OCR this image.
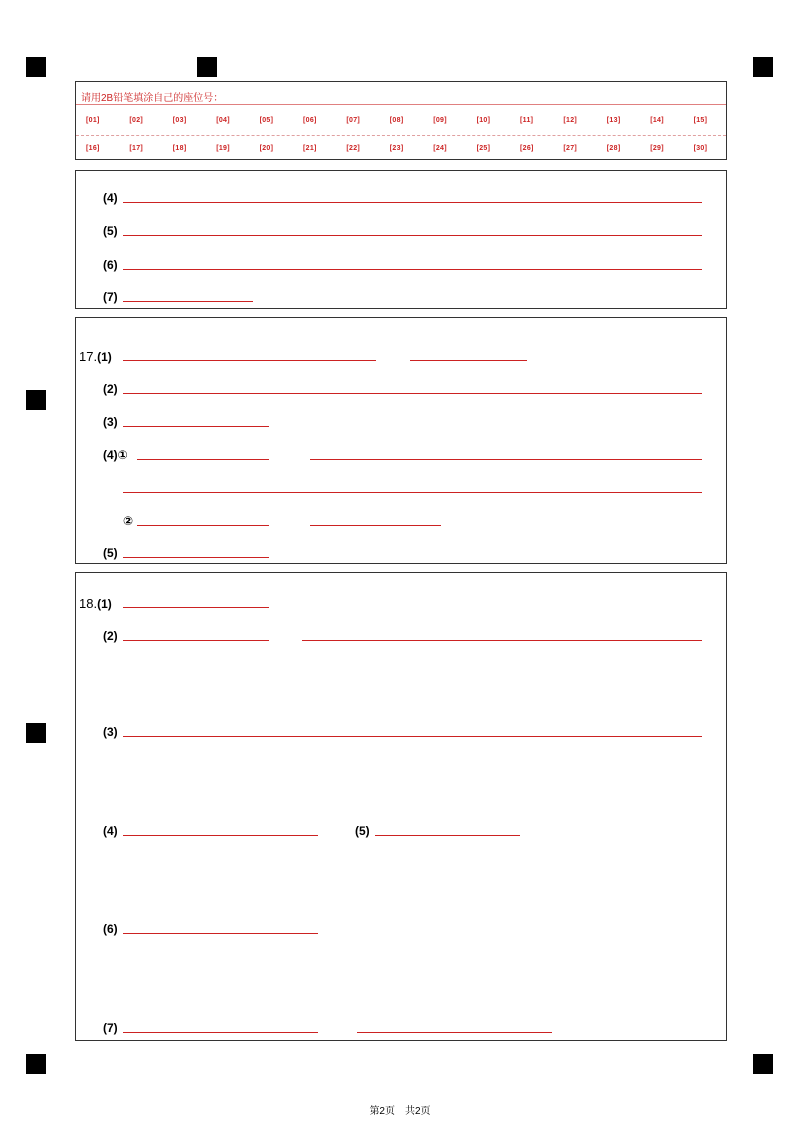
请用2B铅笔填涂自己的座位号：
[01]	[02]	[03]	[04]	[05]	[06]	[07]	[08]	[09]	[10]	[11]	[12]	[13]	[14]	[15]
[16]	[17]	[18]	[19]	[20]	[21]	[22]	[23]	[24]	[25]	[26]	[27]	[28]	[29]	[30]
(4)
(5)
(6)
(7)
17.(1)
(2)
(3)
(4)①
②
(5)
18.(1)
(2)
(3)
(4)	(5)
(6)
(7)
第2页 共2页
